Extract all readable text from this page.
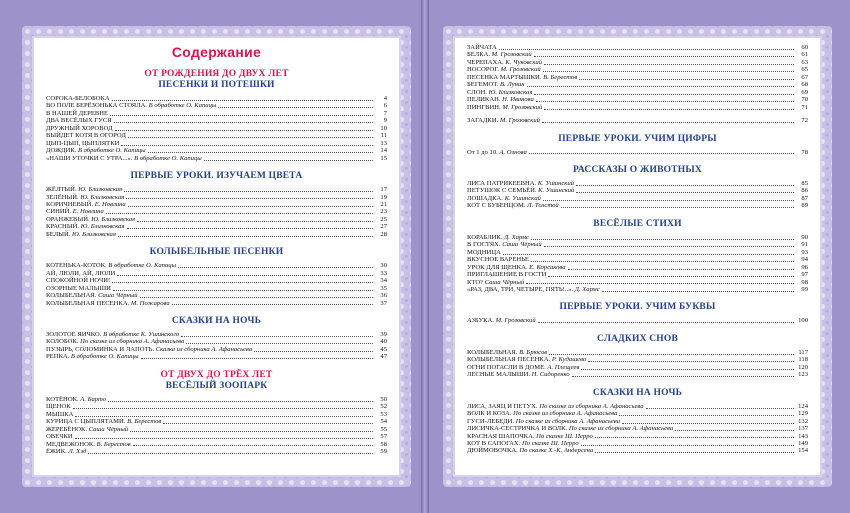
Содержание
ОТ РОЖДЕНИЯ ДО ДВУХ ЛЕТ
ПЕСЕНКИ И ПОТЕШКИ
СОРОКА-БЕЛОБОКА	4
ВО ПОЛЕ БЕРЁЗОНЬКА СТОЯЛА. В обработке О. Капицы	6
В НАШЕЙ ДЕРЕВНЕ	7
ДВА ВЕСЁЛЫХ ГУСЯ	9
ДРУЖНЫЙ ХОРОВОД	10
ВЫЙДЕТ КОТЯ В ОГОРОД	11
ЦЫП-ЦЫП, ЦЫПЛЯТКИ	13
ДОЖДИК. В обработке О. Капицы	14
«НАШИ УТОЧКИ С УТРА...». В обработке О. Капицы	15
ПЕРВЫЕ УРОКИ. ИЗУЧАЕМ ЦВЕТА
ЖЁЛТЫЙ. Ю. Близковская	17
ЗЕЛЁНЫЙ. Ю. Близковская	19
КОРИЧНЕВЫЙ. Е. Новлина	21
СИНИЙ. Е. Новлина	23
ОРАНЖЕВЫЙ. Ю. Близковская	25
КРАСНЫЙ. Ю. Близковская	27
БЕЛЫЙ. Ю. Близковская	28
КОЛЫБЕЛЬНЫЕ ПЕСЕНКИ
КОТЕНЬКА-КОТОК. В обработке О. Капицы	30
АЙ, ЛЮЛИ, АЙ, ЛЮЛИ	33
СПОКОЙНОЙ НОЧИ!	34
ОЗОРНЫЕ МАЛЫШИ	35
КОЛЫБЕЛЬНАЯ. Саша Чёрный	36
КОЛЫБЕЛЬНАЯ ПЕСЕНКА. М. Пожарова	37
СКАЗКИ НА НОЧЬ
ЗОЛОТОЕ ЯИЧКО. В обработке К. Ушинского	39
КОЛОБОК. По сказке из сборника А. Афанасьева	40
ПУЗЫРЬ, СОЛОМИНКА И ЛАПОТЬ. Сказка из сборника А. Афанасьева	45
РЕПКА. В обработке О. Капицы	47
ОТ ДВУХ ДО ТРЁХ ЛЕТ
ВЕСЁЛЫЙ ЗООПАРК
КОТЁНОК. А. Барто	50
ЩЕНОК	52
МЫШКА	53
КУРИЦА С ЦЫПЛЯТАМИ. В. Берестов	54
ЖЕРЕБЁНОК. Саша Чёрный	55
ОВЕЧКИ	57
МЕДВЕЖОНОК. В. Берестов	58
ЁЖИК. Л. Хэд	59
ЗАЙЧАТА	60
БЕЛКА. М. Грозовский	61
ЧЕРЕПАХА. К. Чуковский	63
НОСОРОГ. М. Грозовский	65
ПЕСЕНКА МАРТЫШКИ. В. Берестов	67
БЕГЕМОТ. В. Лунин	68
СЛОН. Ю. Близковская	69
ПЕЛИКАН. Н. Иванова	70
ПИНГВИН. М. Грозовский	71
ЗАГАДКИ. М. Грозовский	72
ПЕРВЫЕ УРОКИ. УЧИМ ЦИФРЫ
От 1 до 10. А. Ознова	78
РАССКАЗЫ О ЖИВОТНЫХ
ЛИСА ПАТРИКЕЕВНА. К. Ушинский	85
ПЕТУШОК С СЕМЬЁЙ. К. Ушинский	86
ЛОШАДКА. К. Ушинский	87
КОТ С БУБЕНЦОМ. Л. Толстой	89
ВЕСЁЛЫЕ СТИХИ
КОРАБЛИК. Д. Хармс	90
В ГОСТЯХ. Саша Чёрный	91
МОДНИЦА	93
ВКУСНОЕ ВАРЕНЬЕ	94
УРОК ДЛЯ ЩЕНКА. Е. Корсакова	96
ПРИГЛАШЕНИЕ В ГОСТИ	97
КТО? Саша Чёрный	98
«РАЗ, ДВА, ТРИ, ЧЕТЫРЕ, ПЯТЬ!..». Д. Хармс	99
ПЕРВЫЕ УРОКИ. УЧИМ БУКВЫ
АЗБУКА. М. Грозовский	100
СЛАДКИХ СНОВ
КОЛЫБЕЛЬНАЯ. В. Брюсов	117
КОЛЫБЕЛЬНАЯ ПЕСЕНКА. Р. Кудашева	118
ОГНИ ПОГАСЛИ В ДОМЕ. А. Плещеев	120
ЛЕСНЫЕ МАЛЫШИ. Н. Сидоренко	123
СКАЗКИ НА НОЧЬ
ЛИСА, ЗАЯЦ И ПЕТУХ. По сказке из сборника А. Афанасьева	124
ВОЛК И КОЗА. По сказке из сборника А. Афанасьева	129
ГУСИ-ЛЕБЕДИ. По сказке из сборника А. Афанасьева	132
ЛИСИЧКА-СЕСТРИЧКА И ВОЛК. По сказке из сборника А. Афанасьева	137
КРАСНАЯ ШАПОЧКА. По сказке Ш. Перро	143
КОТ В САПОГАХ. По сказке Ш. Перро	149
ДЮЙМОВОЧКА. По сказке Х.-К. Андерсена	154
